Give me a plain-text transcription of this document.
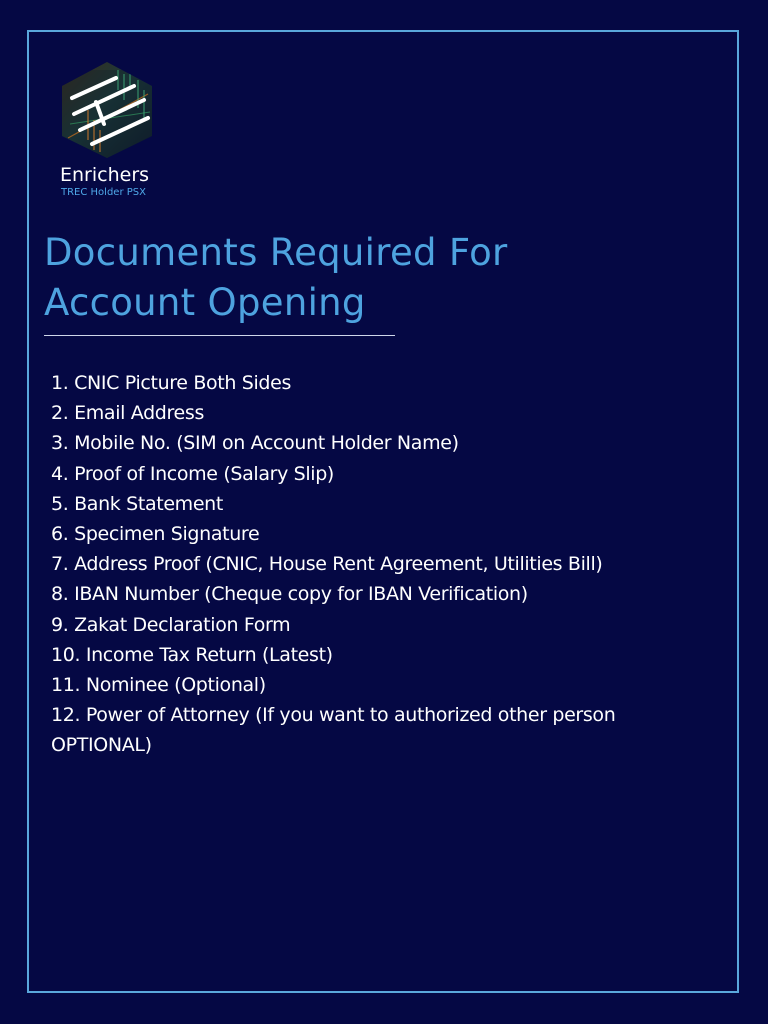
Enrichers
TREC Holder PSX
Documents Required For
Account Opening
1. CNIC Picture Both Sides
2. Email Address
3. Mobile No. (SIM on Account Holder Name)
4. Proof of Income (Salary Slip)
5. Bank Statement
6. Specimen Signature
7. Address Proof (CNIC, House Rent Agreement, Utilities Bill)
8. IBAN Number (Cheque copy for IBAN Verification)
9. Zakat Declaration Form
10. Income Tax Return (Latest)
11. Nominee (Optional)
12. Power of Attorney (If you want to authorized other person OPTIONAL)
